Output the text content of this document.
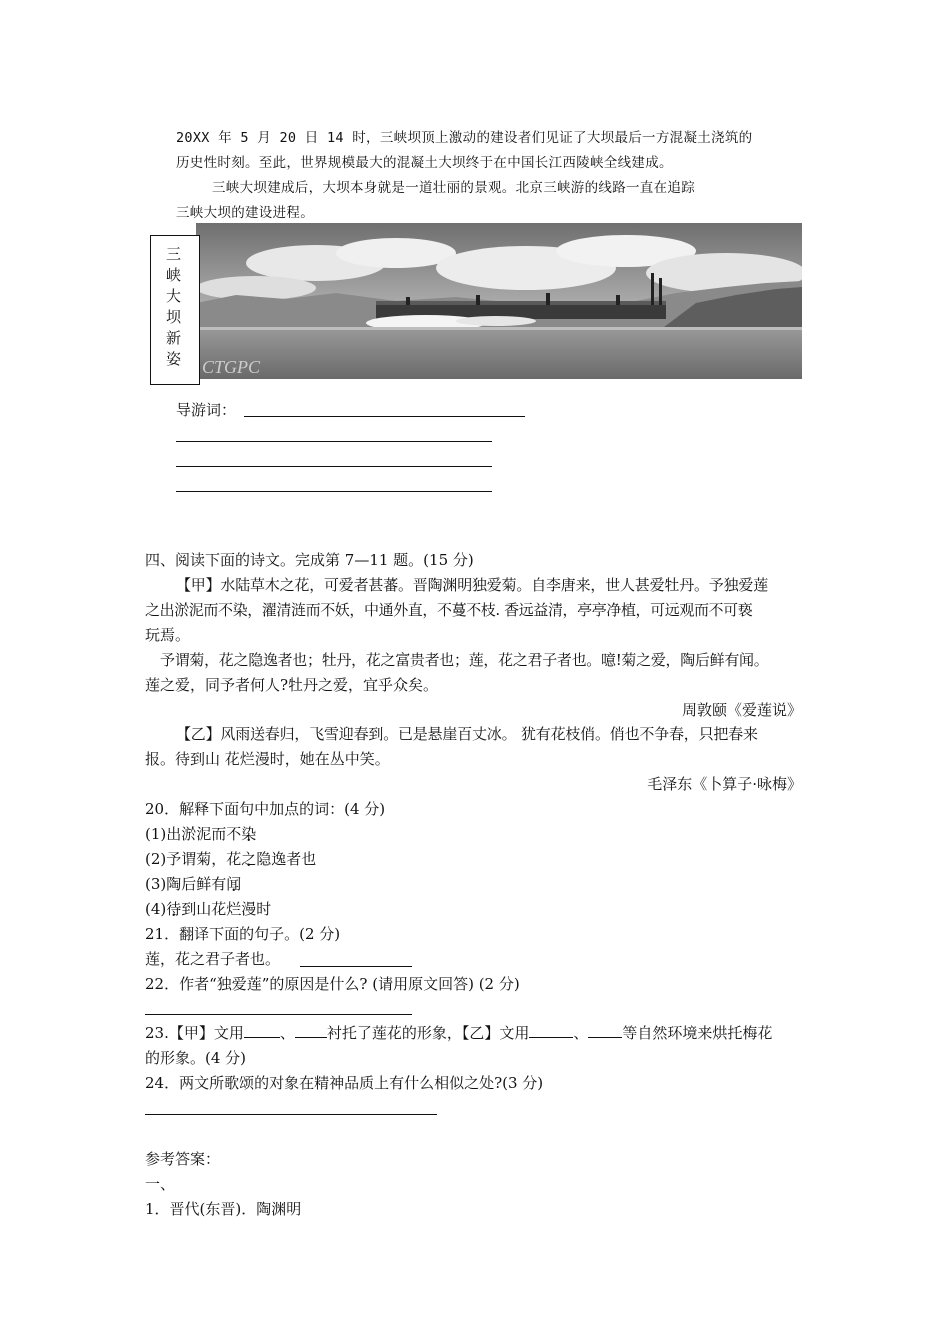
20XX 年 5 月 20 日 14 时，三峡坝顶上激动的建设者们见证了大坝最后一方混凝土浇筑的
历史性时刻。至此，世界规模最大的混凝土大坝终于在中国长江西陵峡全线建成。
三峡大坝建成后，大坝本身就是一道壮丽的景观。北京三峡游的线路一直在追踪
三峡大坝的建设进程。
三峡大坝新姿 CTGPC
导游词：
四、阅读下面的诗文。完成第 7—11 题。(15 分)
【甲】水陆草木之花，可爱者甚蕃。晋陶渊明独爱菊。自李唐来，世人甚爱牡丹。予独爱莲
之出淤泥而不染，濯清涟而不妖，中通外直，不蔓不枝. 香远益清，亭亭净植，可远观而不可亵
玩焉。
予谓菊，花之隐逸者也；牡丹，花之富贵者也；莲，花之君子者也。噫!菊之爱，陶后鲜有闻。
莲之爱，同予者何人?牡丹之爱，宜乎众矣。
周敦颐《爱莲说》
【乙】风雨送春归，飞雪迎春到。已是悬崖百丈冰。 犹有花枝俏。俏也不争春，只把春来
报。待到山 花烂漫时，她在丛中笑。
毛泽东《卜算子·咏梅》
20．解释下面句中加点的词：(4 分)
(1)出淤泥而不染
(2)予谓菊，花之隐逸者也
(3)陶后鲜有闻
(4)待到山花烂漫时
21．翻译下面的句子。(2 分)
莲，花之君子者也。
22．作者“独爱莲”的原因是什么? (请用原文回答) (2 分)
23.【甲】文用 、 衬托了莲花的形象，【乙】文用	、 等自然环境来烘托梅花
的形象。(4 分)
24．两文所歌颂的对象在精神品质上有什么相似之处?(3 分)
参考答案：
一、
1．晋代(东晋)．陶渊明
